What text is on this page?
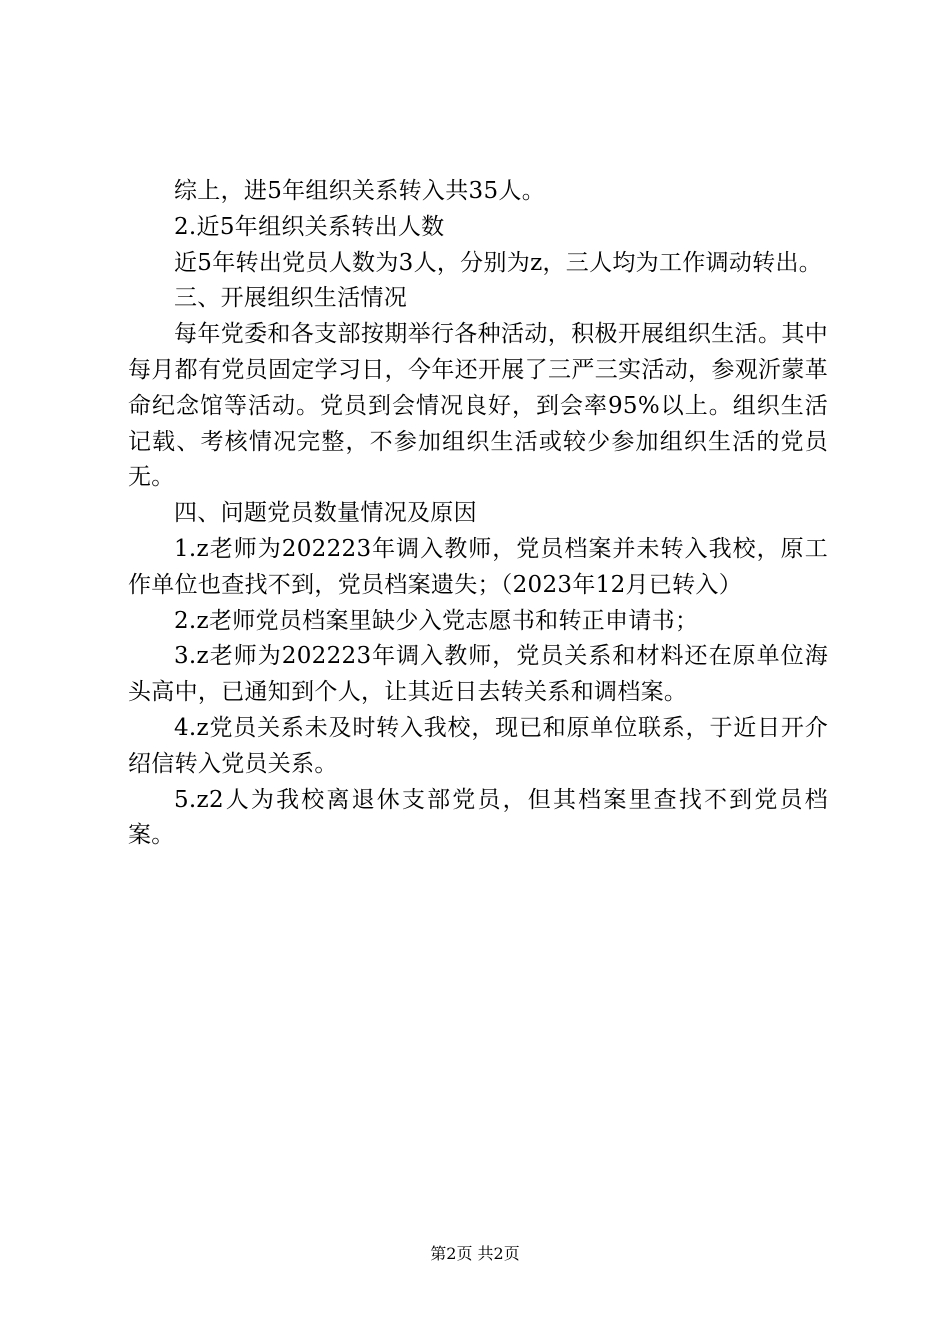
综上，进5年组织关系转入共35人。

2.近5年组织关系转出人数

近5年转出党员人数为3人，分别为z，三人均为工作调动转出。

三、开展组织生活情况

每年党委和各支部按期举行各种活动，积极开展组织生活。其中每月都有党员固定学习日，今年还开展了三严三实活动，参观沂蒙革命纪念馆等活动。党员到会情况良好，到会率95%以上。组织生活记载、考核情况完整，不参加组织生活或较少参加组织生活的党员无。

四、问题党员数量情况及原因

1.z老师为202223年调入教师，党员档案并未转入我校，原工作单位也查找不到，党员档案遗失；（2023年12月已转入）

2.z老师党员档案里缺少入党志愿书和转正申请书；

3.z老师为202223年调入教师，党员关系和材料还在原单位海头高中，已通知到个人，让其近日去转关系和调档案。

4.z党员关系未及时转入我校，现已和原单位联系，于近日开介绍信转入党员关系。

5.z2人为我校离退休支部党员，但其档案里查找不到党员档案。

第2页 共2页
